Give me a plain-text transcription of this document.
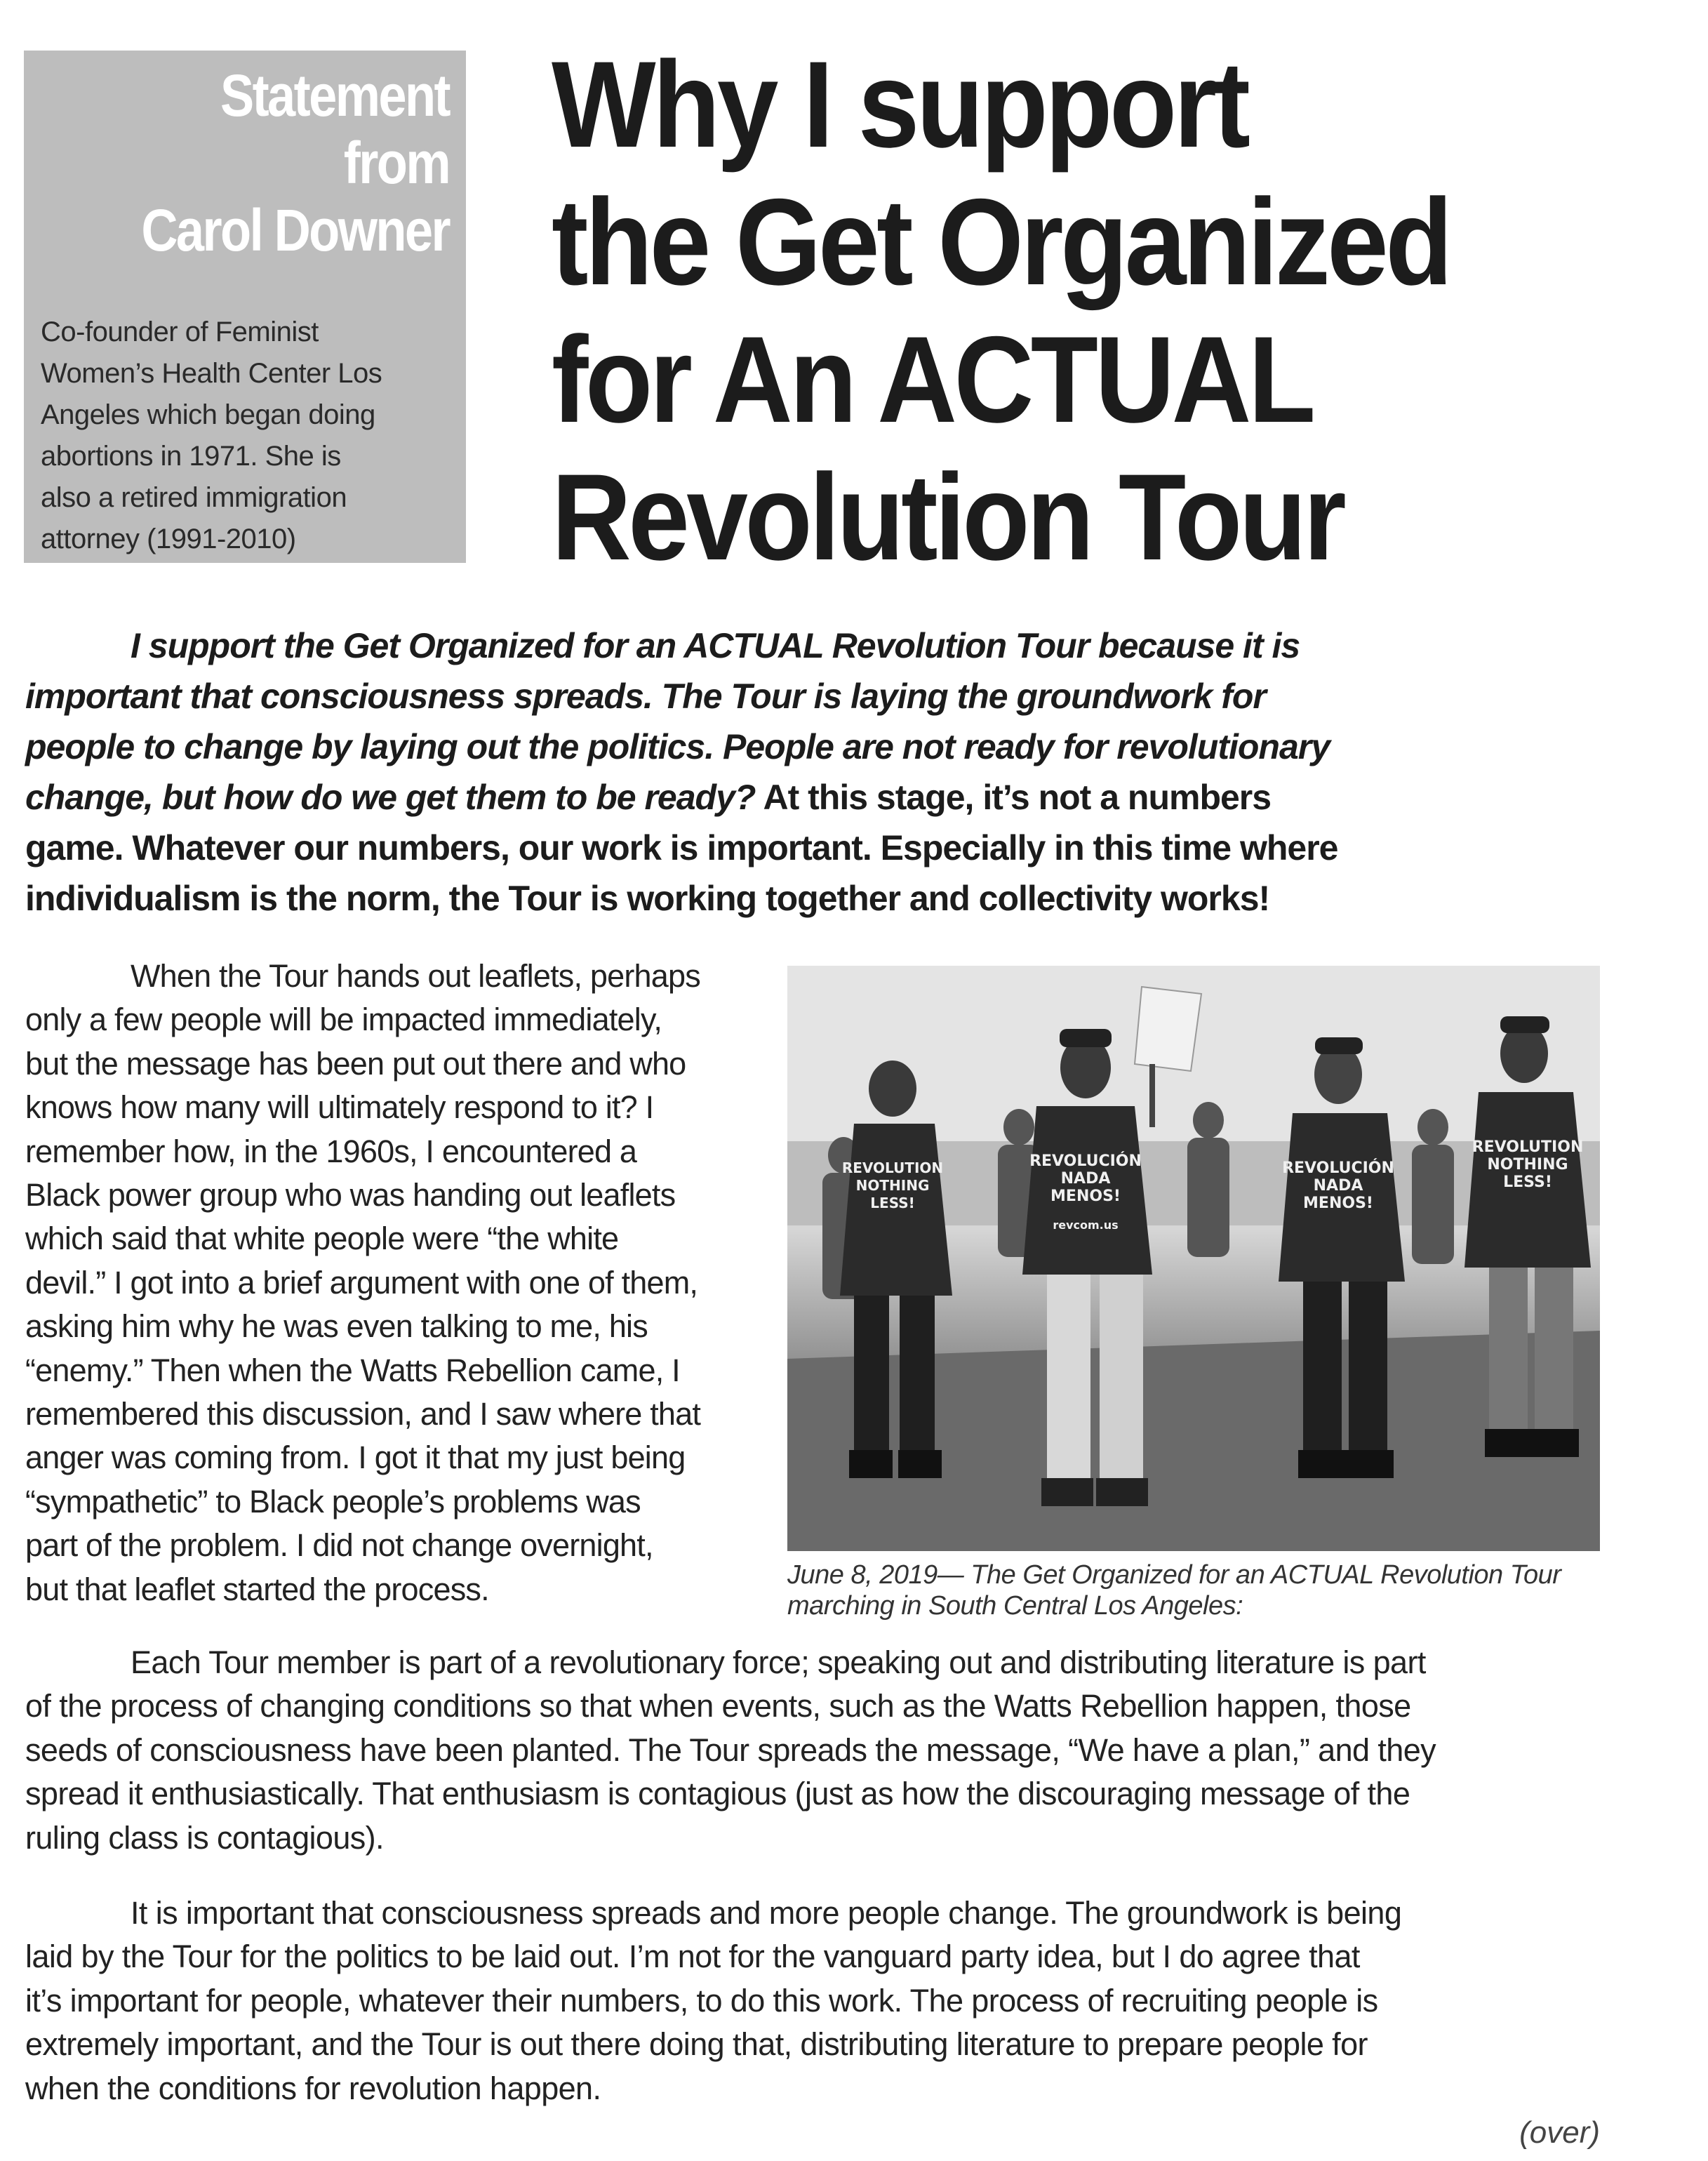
Statement
from
Carol Downer
Co-founder of Feminist
Women’s Health Center Los
Angeles which began doing
abortions in 1971. She is
also a retired immigration
attorney (1991-2010)
Why I support
the Get Organized
for An ACTUAL
Revolution Tour
I support the Get Organized for an ACTUAL Revolution Tour because it is
important that consciousness spreads. The Tour is laying the groundwork for
people to change by laying out the politics. People are not ready for revolutionary
change, but how do we get them to be ready? At this stage, it’s not a numbers
game. Whatever our numbers, our work is important. Especially in this time where
individualism is the norm, the Tour is working together and collectivity works!
When the Tour hands out leaflets, perhaps
only a few people will be impacted immediately,
but the message has been put out there and who
knows how many will ultimately respond to it? I
remember how, in the 1960s, I encountered a
Black power group who was handing out leaflets
which said that white people were “the white
devil.” I got into a brief argument with one of them,
asking him why he was even talking to me, his
“enemy.” Then when the Watts Rebellion came, I
remembered this discussion, and I saw where that
anger was coming from. I got it that my just being
“sympathetic” to Black people’s problems was
part of the problem. I did not change overnight,
but that leaflet started the process.
REVOLUCIÓN
NADA
MENOS!
revcom.us
REVOLUCIÓN
NADA
MENOS!
REVOLUTION
NOTHING
LESS!
REVOLUTION
NOTHING
LESS!
June 8, 2019— The Get Organized for an ACTUAL Revolution Tour
marching in South Central Los Angeles:
Each Tour member is part of a revolutionary force; speaking out and distributing literature is part
of the process of changing conditions so that when events, such as the Watts Rebellion happen, those
seeds of consciousness have been planted. The Tour spreads the message, “We have a plan,” and they
spread it enthusiastically. That enthusiasm is contagious (just as how the discouraging message of the
ruling class is contagious).
It is important that consciousness spreads and more people change. The groundwork is being
laid by the Tour for the politics to be laid out. I’m not for the vanguard party idea, but I do agree that
it’s important for people, whatever their numbers, to do this work. The process of recruiting people is
extremely important, and the Tour is out there doing that, distributing literature to prepare people for
when the conditions for revolution happen.
(over)
